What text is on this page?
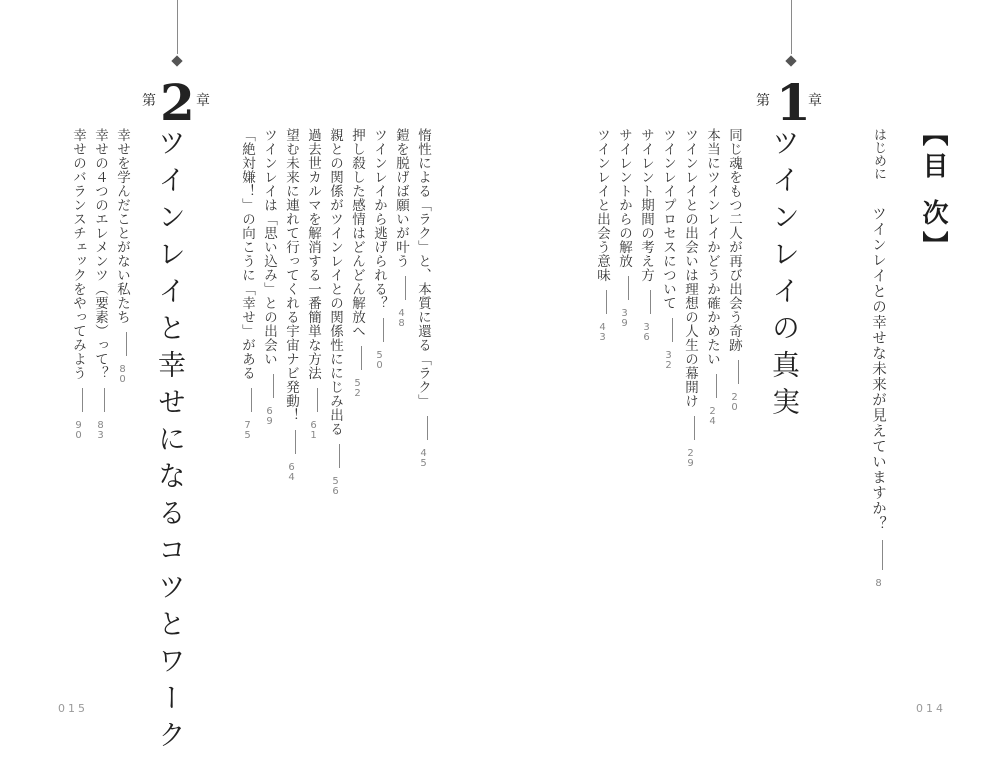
【目 次】
はじめに  ツインレイとの幸せな未来が見えていますか？  8
第 1
章
ツインレイの真実
同じ魂をもつ二人が再び出会う奇跡  20
本当にツインレイかどうか確かめたい  24
ツインレイとの出会いは理想の人生の幕開け  29
ツインレイプロセスについて  32
サイレント期間の考え方  36
サイレントからの解放  39
ツインレイと出会う意味  43
014
第 2 章
ツインレイと幸せになるコツとワーク	惰性による「ラク」と、本質に還る「ラク」  45
鎧を脱げば願いが叶う  48
ツインレイから逃げられる？  50
押し殺した感情はどんどん解放へ  52
親との関係がツインレイとの関係性ににじみ出る  56
過去世カルマを解消する一番簡単な方法  61
望む未来に連れて行ってくれる宇宙ナビ発動！  64
ツインレイは「思い込み」との出会い  69
「絶対嫌！」の向こうに「幸せ」がある  75
幸せを学んだことがない私たち  80
幸せの４つのエレメンツ（要素）って？  83
幸せのバランスチェックをやってみよう  90
015
